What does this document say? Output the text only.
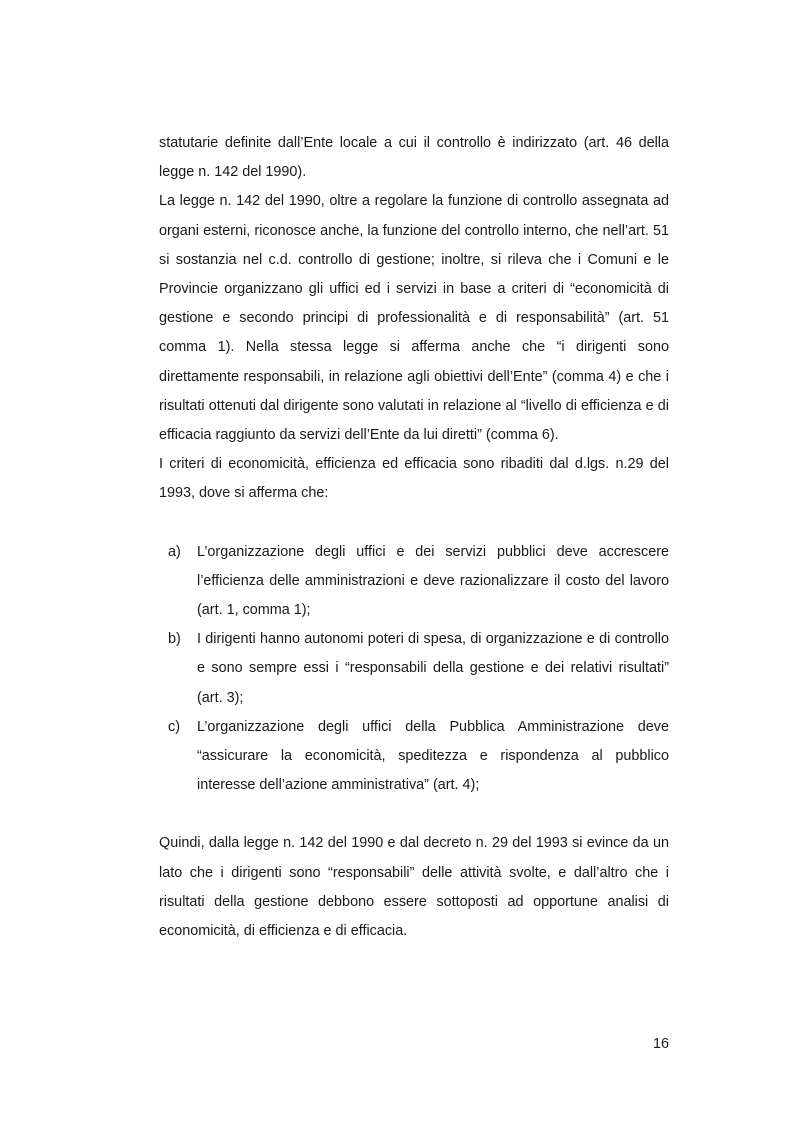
statutarie definite dall’Ente locale a cui il controllo è indirizzato (art. 46 della legge n. 142 del 1990).

La legge n. 142 del 1990, oltre a regolare la funzione di controllo assegnata ad organi esterni, riconosce anche, la funzione del controllo interno, che nell’art. 51 si sostanzia nel c.d. controllo di gestione; inoltre, si rileva che i Comuni e le Provincie organizzano gli uffici ed i servizi in base a criteri di “economicità di gestione e secondo principi di professionalità e di responsabilità” (art. 51 comma 1). Nella stessa legge si afferma anche che “i dirigenti sono direttamente responsabili, in relazione agli obiettivi dell’Ente” (comma 4) e che i risultati ottenuti dal dirigente sono valutati in relazione al “livello di efficienza e di efficacia raggiunto da servizi dell’Ente da lui diretti” (comma 6).

I criteri di economicità, efficienza ed efficacia sono ribaditi dal d.lgs. n.29 del 1993, dove si afferma che:

a) L’organizzazione degli uffici e dei servizi pubblici deve accrescere l’efficienza delle amministrazioni e deve razionalizzare il costo del lavoro (art. 1, comma 1);
b) I dirigenti hanno autonomi poteri di spesa, di organizzazione e di controllo e sono sempre essi i “responsabili della gestione e dei relativi risultati” (art. 3);
c) L’organizzazione degli uffici della Pubblica Amministrazione deve “assicurare la economicità, speditezza e rispondenza al pubblico interesse dell’azione amministrativa” (art. 4);

Quindi, dalla legge n. 142 del 1990 e dal decreto n. 29 del 1993 si evince da un lato che i dirigenti sono “responsabili” delle attività svolte, e dall’altro che i risultati della gestione debbono essere sottoposti ad opportune analisi di economicità, di efficienza e di efficacia.

16
